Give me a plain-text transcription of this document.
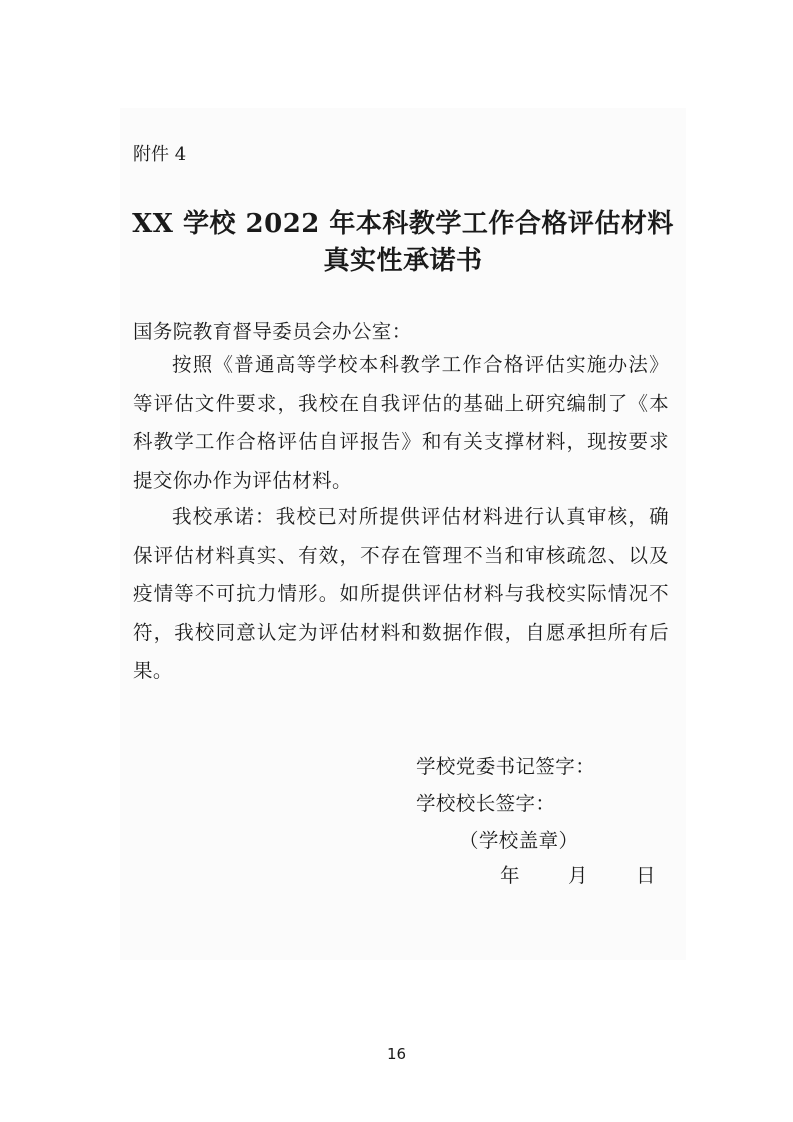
附件 4
XX 学校 2022 年本科教学工作合格评估材料
真实性承诺书
国务院教育督导委员会办公室：
按照《普通高等学校本科教学工作合格评估实施办法》等评估文件要求，我校在自我评估的基础上研究编制了《本科教学工作合格评估自评报告》和有关支撑材料，现按要求提交你办作为评估材料。
我校承诺：我校已对所提供评估材料进行认真审核，确保评估材料真实、有效，不存在管理不当和审核疏忽、以及疫情等不可抗力情形。如所提供评估材料与我校实际情况不符，我校同意认定为评估材料和数据作假，自愿承担所有后果。
学校党委书记签字：
学校校长签字：
（学校盖章）
年	月	日
16
